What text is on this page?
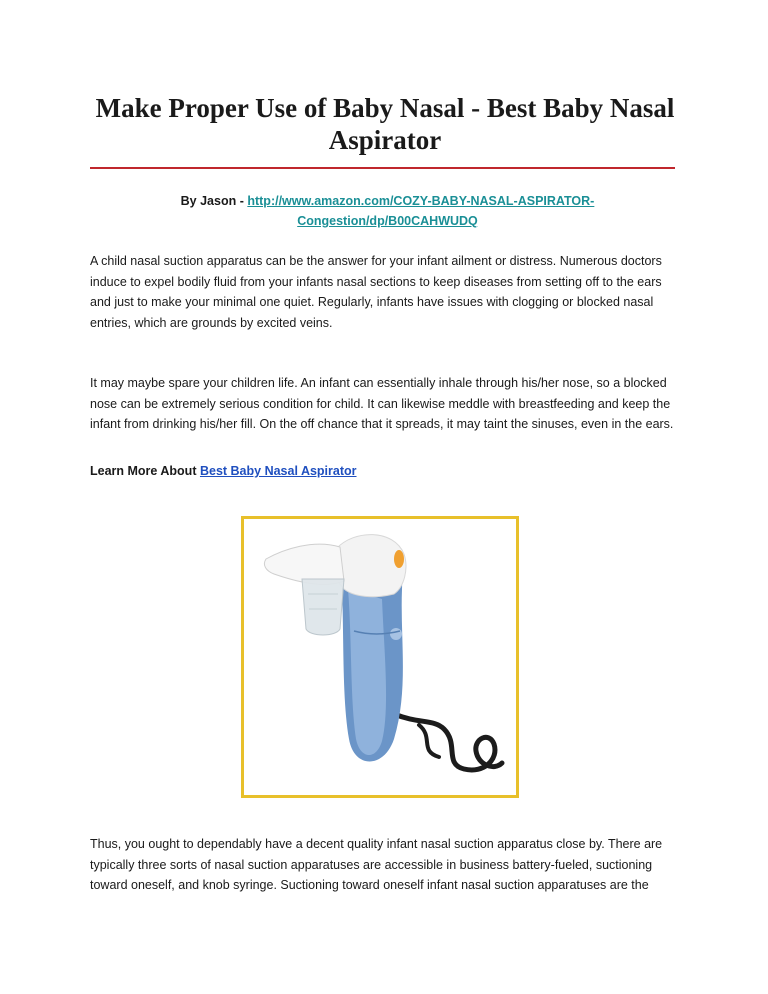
Make Proper Use of Baby Nasal - Best Baby Nasal Aspirator
By Jason - http://www.amazon.com/COZY-BABY-NASAL-ASPIRATOR-Congestion/dp/B00CAHWUDQ

A child nasal suction apparatus can be the answer for your infant ailment or distress. Numerous doctors induce to expel bodily fluid from your infants nasal sections to keep diseases from setting off to the ears and just to make your minimal one quiet. Regularly, infants have issues with clogging or blocked nasal entries, which are grounds by excited veins.

It may maybe spare your children life. An infant can essentially inhale through his/her nose, so a blocked nose can be extremely serious condition for child. It can likewise meddle with breastfeeding and keep the infant from drinking his/her fill. On the off chance that it spreads, it may taint the sinuses, even in the ears.

Learn More About Best Baby Nasal Aspirator

Thus, you ought to dependably have a decent quality infant nasal suction apparatus close by. There are typically three sorts of nasal suction apparatuses are accessible in business battery-fueled, suctioning toward oneself, and knob syringe. Suctioning toward oneself infant nasal suction apparatuses are the
